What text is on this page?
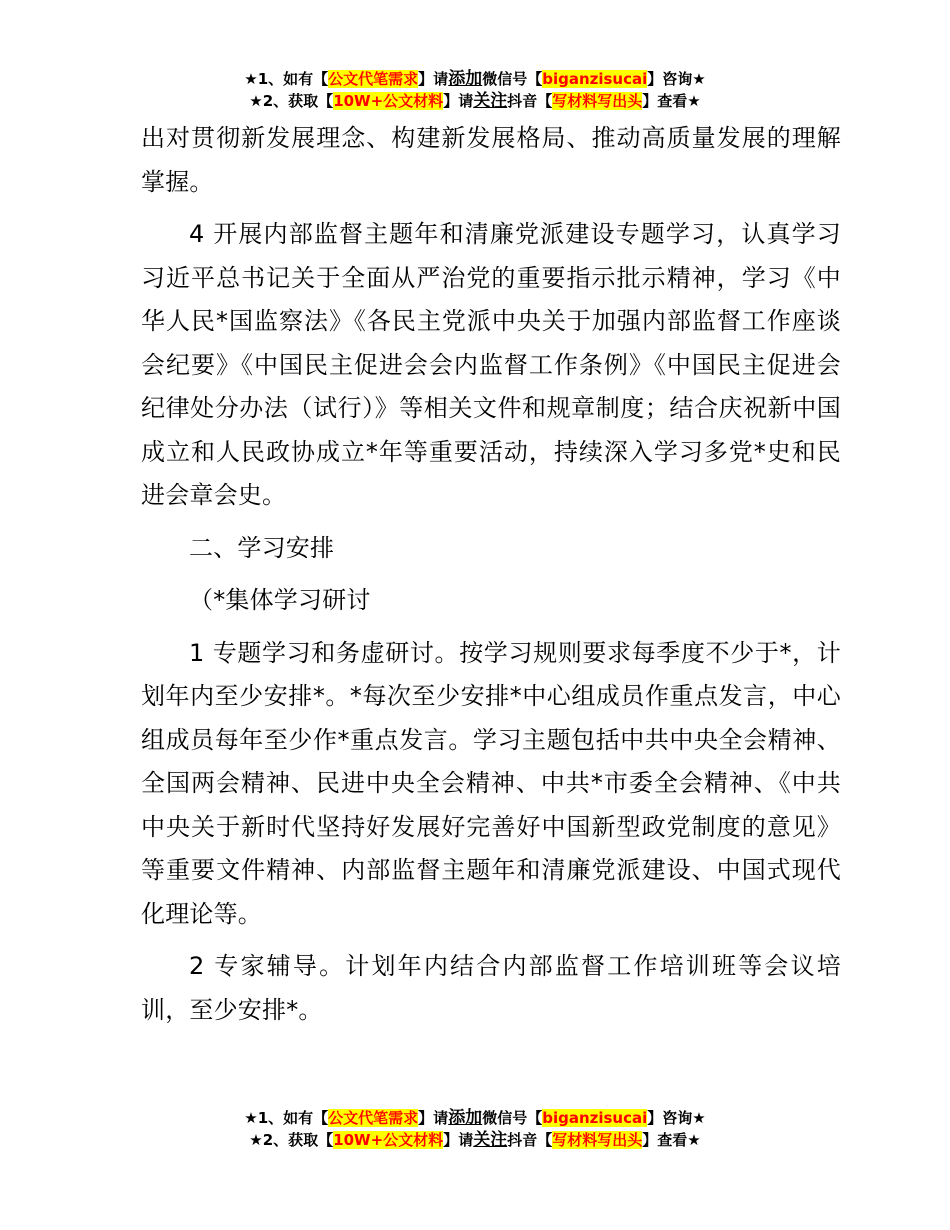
★1、如有【公文代笔需求】请添加微信号【biganzisucai】咨询★
★2、获取【10W+公文材料】请关注抖音【写材料写出头】查看★

出对贯彻新发展理念、构建新发展格局、推动高质量发展的理解掌握。

4 开展内部监督主题年和清廉党派建设专题学习，认真学习习近平总书记关于全面从严治党的重要指示批示精神，学习《中华人民*国监察法》《各民主党派中央关于加强内部监督工作座谈会纪要》《中国民主促进会会内监督工作条例》《中国民主促进会纪律处分办法（试行）》等相关文件和规章制度；结合庆祝新中国成立和人民政协成立*年等重要活动，持续深入学习多党*史和民进会章会史。

二、学习安排

（*集体学习研讨

1 专题学习和务虚研讨。按学习规则要求每季度不少于*，计划年内至少安排*。*每次至少安排*中心组成员作重点发言，中心组成员每年至少作*重点发言。学习主题包括中共中央全会精神、全国两会精神、民进中央全会精神、中共*市委全会精神、《中共中央关于新时代坚持好发展好完善好中国新型政党制度的意见》等重要文件精神、内部监督主题年和清廉党派建设、中国式现代化理论等。

2 专家辅导。计划年内结合内部监督工作培训班等会议培训，至少安排*。

★1、如有【公文代笔需求】请添加微信号【biganzisucai】咨询★
★2、获取【10W+公文材料】请关注抖音【写材料写出头】查看★
